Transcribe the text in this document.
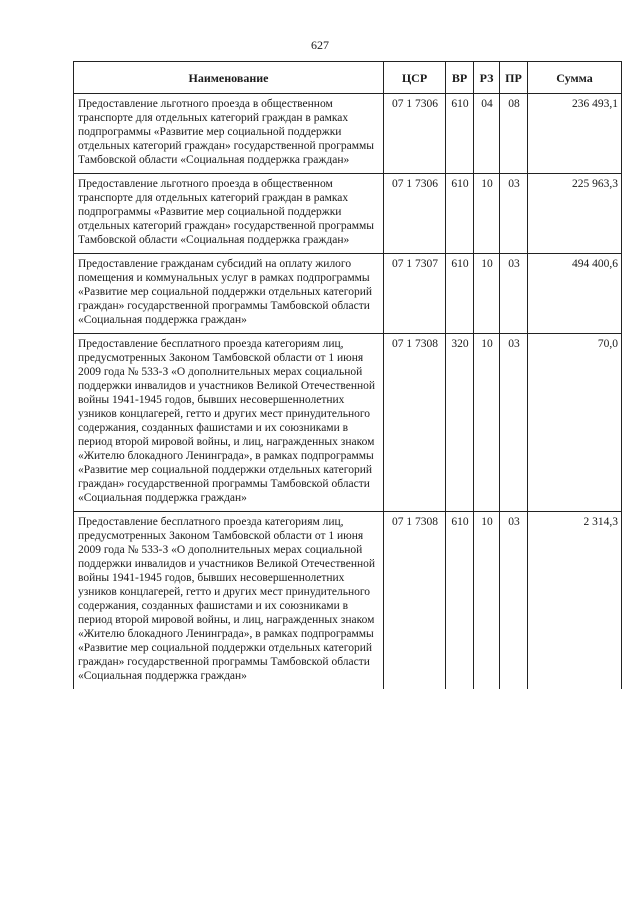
627
Наименование	ЦСР	ВР	РЗ	ПР	Сумма
Предоставление льготного проезда в общественном транспорте для отдельных категорий граждан в рамках подпрограммы «Развитие мер социальной поддержки отдельных категорий граждан» государственной программы Тамбовской области «Социальная поддержка граждан»	07 1 7306	610	04	08	236 493,1
Предоставление льготного проезда в общественном транспорте для отдельных категорий граждан в рамках подпрограммы «Развитие мер социальной поддержки отдельных категорий граждан» государственной программы Тамбовской области «Социальная поддержка граждан»	07 1 7306	610	10	03	225 963,3
Предоставление гражданам субсидий на оплату жилого помещения и коммунальных услуг в рамках подпрограммы «Развитие мер социальной поддержки отдельных категорий граждан» государственной программы Тамбовской области «Социальная поддержка граждан»	07 1 7307	610	10	03	494 400,6
Предоставление бесплатного проезда категориям лиц, предусмотренных Законом Тамбовской области от 1 июня 2009 года № 533-З «О дополнительных мерах социальной поддержки инвалидов и участников Великой Отечественной войны 1941-1945 годов, бывших несовершеннолетних узников концлагерей, гетто и других мест принудительного содержания, созданных фашистами и их союзниками в период второй мировой войны, и лиц, награжденных знаком «Жителю блокадного Ленинграда», в рамках подпрограммы «Развитие мер социальной поддержки отдельных категорий граждан» государственной программы Тамбовской области «Социальная поддержка граждан»	07 1 7308	320	10	03	70,0
Предоставление бесплатного проезда категориям лиц, предусмотренных Законом Тамбовской области от 1 июня 2009 года № 533-З «О дополнительных мерах социальной поддержки инвалидов и участников Великой Отечественной войны 1941-1945 годов, бывших несовершеннолетних узников концлагерей, гетто и других мест принудительного содержания, созданных фашистами и их союзниками в период второй мировой войны, и лиц, награжденных знаком «Жителю блокадного Ленинграда», в рамках подпрограммы «Развитие мер социальной поддержки отдельных категорий граждан» государственной программы Тамбовской области «Социальная поддержка граждан»	07 1 7308	610	10	03	2 314,3
